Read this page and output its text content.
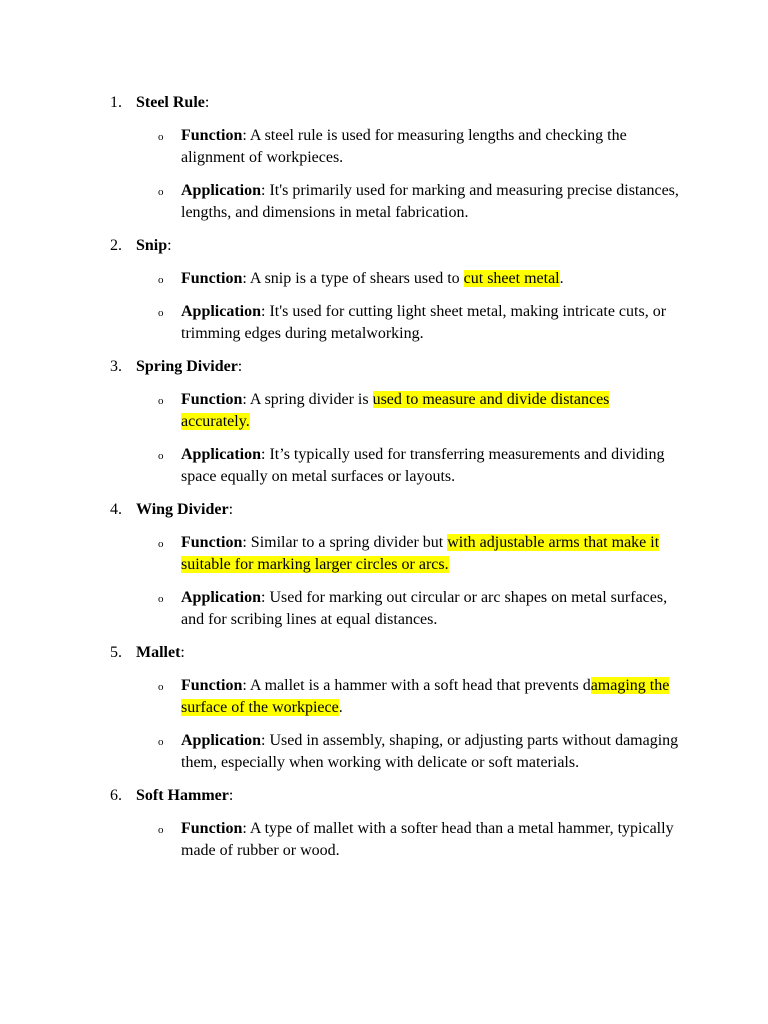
1. Steel Rule:
o Function: A steel rule is used for measuring lengths and checking the alignment of workpieces.
o Application: It's primarily used for marking and measuring precise distances, lengths, and dimensions in metal fabrication.
2. Snip:
o Function: A snip is a type of shears used to cut sheet metal.
o Application: It's used for cutting light sheet metal, making intricate cuts, or trimming edges during metalworking.
3. Spring Divider:
o Function: A spring divider is used to measure and divide distances accurately.
o Application: It’s typically used for transferring measurements and dividing space equally on metal surfaces or layouts.
4. Wing Divider:
o Function: Similar to a spring divider but with adjustable arms that make it suitable for marking larger circles or arcs.
o Application: Used for marking out circular or arc shapes on metal surfaces, and for scribing lines at equal distances.
5. Mallet:
o Function: A mallet is a hammer with a soft head that prevents damaging the surface of the workpiece.
o Application: Used in assembly, shaping, or adjusting parts without damaging them, especially when working with delicate or soft materials.
6. Soft Hammer:
o Function: A type of mallet with a softer head than a metal hammer, typically made of rubber or wood.
